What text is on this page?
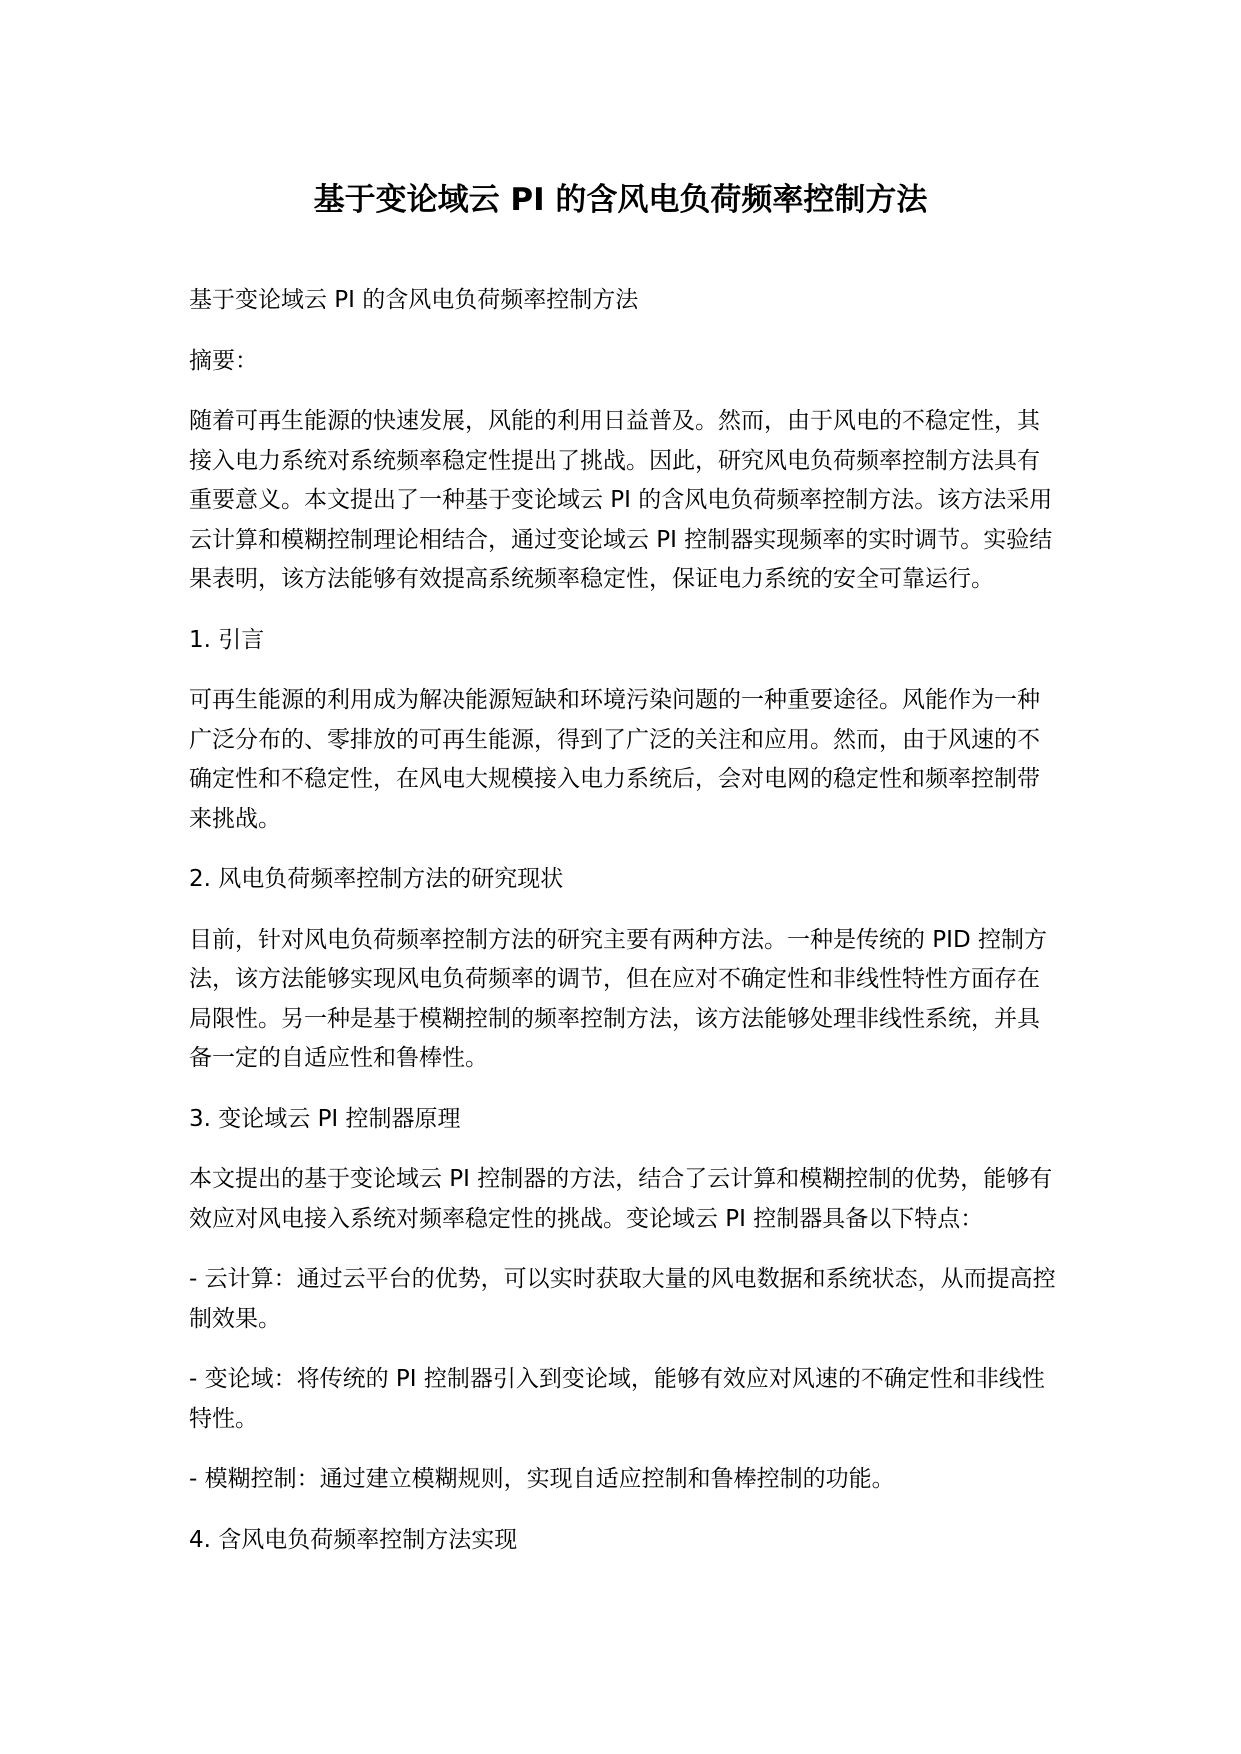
基于变论域云 PI 的含风电负荷频率控制方法

基于变论域云 PI 的含风电负荷频率控制方法

摘要：

随着可再生能源的快速发展，风能的利用日益普及。然而，由于风电的不稳定性，其
接入电力系统对系统频率稳定性提出了挑战。因此，研究风电负荷频率控制方法具有
重要意义。本文提出了一种基于变论域云 PI 的含风电负荷频率控制方法。该方法采用
云计算和模糊控制理论相结合，通过变论域云 PI 控制器实现频率的实时调节。实验结
果表明，该方法能够有效提高系统频率稳定性，保证电力系统的安全可靠运行。

1. 引言

可再生能源的利用成为解决能源短缺和环境污染问题的一种重要途径。风能作为一种
广泛分布的、零排放的可再生能源，得到了广泛的关注和应用。然而，由于风速的不
确定性和不稳定性，在风电大规模接入电力系统后，会对电网的稳定性和频率控制带
来挑战。

2. 风电负荷频率控制方法的研究现状

目前，针对风电负荷频率控制方法的研究主要有两种方法。一种是传统的 PID 控制方
法，该方法能够实现风电负荷频率的调节，但在应对不确定性和非线性特性方面存在
局限性。另一种是基于模糊控制的频率控制方法，该方法能够处理非线性系统，并具
备一定的自适应性和鲁棒性。

3. 变论域云 PI 控制器原理

本文提出的基于变论域云 PI 控制器的方法，结合了云计算和模糊控制的优势，能够有
效应对风电接入系统对频率稳定性的挑战。变论域云 PI 控制器具备以下特点：

- 云计算：通过云平台的优势，可以实时获取大量的风电数据和系统状态，从而提高控
制效果。

- 变论域：将传统的 PI 控制器引入到变论域，能够有效应对风速的不确定性和非线性
特性。

- 模糊控制：通过建立模糊规则，实现自适应控制和鲁棒控制的功能。

4. 含风电负荷频率控制方法实现
